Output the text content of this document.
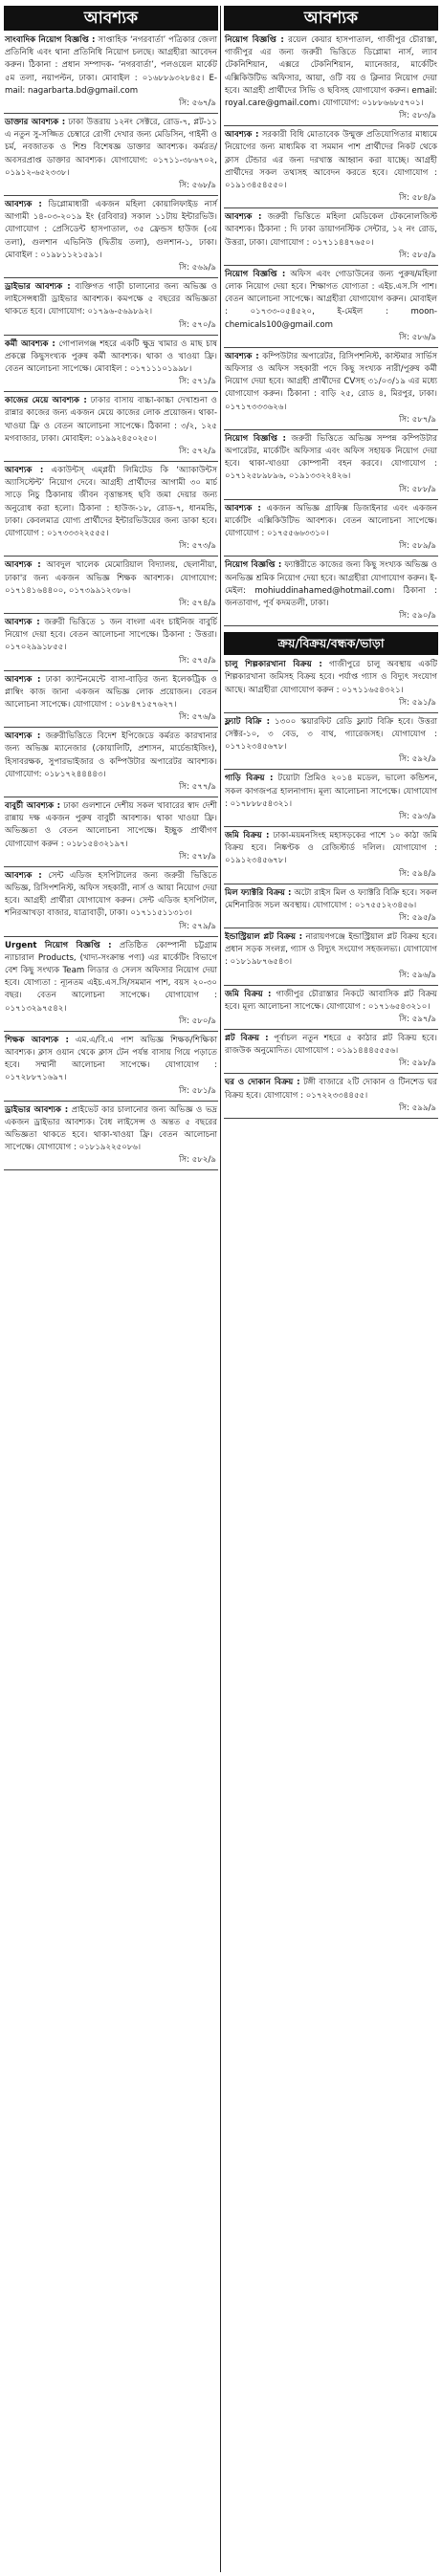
আবশ্যক

সাংবাদিক নিয়োগ বিজ্ঞপ্তি : সাপ্তাহিক ‘নগরবার্তা’ পত্রিকার জেলা প্রতিনিধি এবং থানা প্রতিনিধি নিয়োগ চলছে। আগ্রহীরা আবেদন করুন। ঠিকানা : প্রধান সম্পাদক- ‘নগরবার্তা’, পলওয়েল মার্কেট ৫ম তলা, নয়াপল্টন, ঢাকা। মোবাইল : ০১৬৮৮৯৩২৮৪৫। E-mail: nagarbarta.bd@gmail.com

সি: ৫৬৭/৯

ডাক্তার আবশ্যক : ঢাকা উত্তরায় ১২নং সেক্টরে, রোড-৭, প্লট-১১ এ নতুন সু-সজ্জিত চেম্বারে রোগী দেখার জন্য মেডিসিন, গাইনী ও চর্ম, নবজাতক ও শিশু বিশেষজ্ঞ ডাক্তার আবশ্যক। কর্মরত/অবসরপ্রাপ্ত ডাক্তার আবশ্যক। যোগাযোগ: ০১৭১১-৩৮৬৭০২, ০১৯১২-৬৫২৩৩৮।

সি: ৫৬৮/৯

আবশ্যক : ডিপ্লোমাধারী একজন মহিলা কোয়ালিফাইড নার্স আগামী ১৪-০৩-২০১৯ ইং (রবিবার) সকাল ১১টায় ইন্টারভিউ। যোগাযোগ : প্রেসিডেন্ট হাসপাতাল, ৩৫ ফ্রেন্ডস হাউজ (৩য় তলা), গুলশান এভিনিউ (দ্বিতীয় তলা), গুলশান-১, ঢাকা। মোবাইল : ০১৯৮১১২১৫৯১।

সি: ৫৬৯/৯

ড্রাইভার আবশ্যক : ব্যক্তিগত গাড়ী চালানোর জন্য অভিজ্ঞ ও লাইসেন্সধারী ড্রাইভার আবশ্যক। কমপক্ষে ৫ বছরের অভিজ্ঞতা থাকতে হবে। যোগাযোগ: ০১৭৯৬-৫৬৯৮৯২।

সি: ৫৭০/৯

কর্মী আবশ্যক : গোপালগঞ্জ শহরে একটি ক্ষুদ্র খামার ও মাছ চাষ প্রকল্পে কিছুসংখ্যক পুরুষ কর্মী আবশ্যক। থাকা ও খাওয়া ফ্রি। বেতন আলোচনা সাপেক্ষে। মোবাইল : ০১৭১১১০১৯৯৮।

সি: ৫৭১/৯

কাজের মেয়ে আবশ্যক : ঢাকার বাসায় বাচ্চা-কাচ্চা দেখাশুনা ও রান্নার কাজের জন্য একজন মেয়ে কাজের লোক প্রয়োজন। থাকা-খাওয়া ফ্রি ও বেতন আলোচনা সাপেক্ষে। ঠিকানা : ৩/২, ১২৫ মগবাজার, ঢাকা। মোবাইল: ০১৯৯২৪৫০২৫০।

সি: ৫৭২/৯

আবশ্যক : একাউন্টস্ এম্প্লয়ী লিমিটেড কি ‘অ্যাকাউন্টস অ্যাসিস্টেন্ট’ নিয়োগ দেবে। আগ্রহী প্রার্থীদের আগামী ৩০ মার্চ সাড়ে নিচু ঠিকানায় জীবন বৃত্তান্তসহ ছবি জমা দেয়ার জন্য অনুরোধ করা হলো। ঠিকানা : হাউজ-১৮, রোড-৭, ধানমন্ডি, ঢাকা। কেবলমাত্র যোগ্য প্রার্থীদের ইন্টারভিউয়ের জন্য ডাকা হবে। যোগাযোগ : ০১৭৩৩৩২২৫৫৫।

সি: ৫৭৩/৯

আবশ্যক : আবদুল খালেক মেমোরিয়াল বিদ্যালয়, ছেলানীয়া, ঢাকা'র জন্য একজন অভিজ্ঞ শিক্ষক আবশ্যক। যোগাযোগ: ০১৭১৪১৬৪৪০০, ০১৭৩৯৯১২৩৮৬।

সি: ৫৭৪/৯

আবশ্যক : জরুরী ভিত্তিতে ১ জন বাংলা এবং চাইনিজ বাবুর্চি নিয়োগ দেয়া হবে। বেতন আলোচনা সাপেক্ষে। ঠিকানা : উত্তরা। ০১৭০২৯৯১৮৫৫।

সি: ৫৭৫/৯

আবশ্যক : ঢাকা ক্যান্টনমেন্টে বাসা-বাড়ির জন্য ইলেকট্রিক ও প্লাম্বিং কাজ জানা একজন অভিজ্ঞ লোক প্রয়োজন। বেতন আলোচনা সাপেক্ষে। যোগাযোগ : ০১৮৪৭১৫৭৬২৭।

সি: ৫৭৬/৯

আবশ্যক : জরুরীভিত্তিতে বিদেশ ইপিজেডে কর্মরত কারখানার জন্য অভিজ্ঞ ম্যানেজার (কোয়ালিটি, প্রশাসন, মার্চেন্ডাইজিং), হিসাবরক্ষক, সুপারভাইজার ও কম্পিউটার অপারেটর আবশ্যক। যোগাযোগ: ০১৮১৭২৪৪৪৪৩।

সি: ৫৭৭/৯

বাবুর্চী আবশ্যক : ঢাকা গুলশানে দেশীয় সকল খাবারের স্বাদ দেশী রান্নায় দক্ষ একজন পুরুষ বাবুর্চী আবশ্যক। থাকা খাওয়া ফ্রি। অভিজ্ঞতা ও বেতন আলোচনা সাপেক্ষে। ইচ্ছুক প্রার্থীগণ যোগাযোগ করুন : ০১৮১৫৪৩২১৯৭।

সি: ৫৭৮/৯

আবশ্যক : সেন্ট এডিজ হসপিটালের জন্য জরুরী ভিত্তিতে অভিজ্ঞ, রিসিপশনিস্ট, অফিস সহকারী, নার্স ও আয়া নিয়োগ দেয়া হবে। আগ্রহী প্রার্থীরা যোগাযোগ করুন। সেন্ট এডিজ হসপিটাল, শনিরআখড়া বাজার, যাত্রাবাড়ী, ঢাকা। ০১৭১১৫১১৩১৩।

সি: ৫৭৯/৯

Urgent নিয়োগ বিজ্ঞপ্তি : প্রতিষ্ঠিত কোম্পানী চট্টগ্রাম ন্যাচারাল Products, (খাদ্য-সংক্রান্ত পণ্য) এর মার্কেটিং বিভাগে বেশ কিছু সংখ্যক Team লিডার ও সেলস অফিসার নিয়োগ দেয়া হবে। যোগ্যতা : ন্যূনতম এইচ.এস.সি/সমমান পাশ, বয়স ২০-৩০ বছর। বেতন আলোচনা সাপেক্ষে। যোগাযোগ : ০১৭১৩২৯৭৫৪২।

সি: ৫৮০/৯

শিক্ষক আবশ্যক : এম.এ/বি.এ পাশ অভিজ্ঞ শিক্ষক/শিক্ষিকা আবশ্যক। ক্লাস ওয়ান থেকে ক্লাস টেন পর্যন্ত বাসায় গিয়ে পড়াতে হবে। সম্মানী আলোচনা সাপেক্ষে। যোগাযোগ : ০১৭২৮৮৭১৬৯৭।

সি: ৫৮১/৯

ড্রাইভার আবশ্যক : প্রাইভেট কার চালানোর জন্য অভিজ্ঞ ও ভদ্র একজন ড্রাইভার আবশ্যক। বৈধ লাইসেন্স ও অন্তত ৫ বছরের অভিজ্ঞতা থাকতে হবে। থাকা-খাওয়া ফ্রি। বেতন আলোচনা সাপেক্ষে। যোগাযোগ : ০১৮১৯২২৫০৮৬।

সি: ৫৮২/৯
আবশ্যক

নিয়োগ বিজ্ঞপ্তি : রয়েল কেয়ার হাসপাতাল, গাজীপুর চৌরাস্তা, গাজীপুর এর জন্য জরুরী ভিত্তিতে ডিপ্লোমা নার্স, ল্যাব টেকনিশিয়ান, এক্সরে টেকনিশিয়ান, ম্যানেজার, মার্কেটিং এক্সিকিউটিভ অফিসার, আয়া, ওটি বয় ও ক্লিনার নিয়োগ দেয়া হবে। আগ্রহী প্রার্থীদের সিভি ও ছবিসহ যোগাযোগ করুন। email: royal.care@gmail.com। যোগাযোগ: ০১৮৮৬৬৮৫৭০১।

সি: ৫৮৩/৯

আবশ্যক : সরকারী বিধি মোতাবেক উন্মুক্ত প্রতিযোগিতার মাধ্যমে নিয়োগের জন্য মাধ্যমিক বা সমমান পাশ প্রার্থীদের নিকট থেকে ক্লাস টেন্ডার এর জন্য দরখাস্ত আহ্বান করা যাচ্ছে। আগ্রহী প্রার্থীদের সকল তথ্যসহ আবেদন করতে হবে। যোগাযোগ : ০১৯১৩৪৫৪৫৫০।

সি: ৫৮৪/৯

আবশ্যক : জরুরী ভিত্তিতে মহিলা মেডিকেল টেকনোলজিস্ট আবশ্যক। ঠিকানা : দি ঢাকা ডায়াগনস্টিক সেন্টার, ১২ নং রোড, উত্তরা, ঢাকা। যোগাযোগ : ০১৭১১৪৪৭৬৫০।

সি: ৫৮৫/৯

নিয়োগ বিজ্ঞপ্তি : অফিস এবং গোডাউনের জন্য পুরুষ/মহিলা লোক নিয়োগ দেয়া হবে। শিক্ষাগত যোগ্যতা : এইচ.এস.সি পাশ। বেতন আলোচনা সাপেক্ষে। আগ্রহীরা যোগাযোগ করুন। মোবাইল : ০১৭৩৩-০৫৪৫২০, ই-মেইল : moon-chemicals100@gmail.com

সি: ৫৮৬/৯

আবশ্যক : কম্পিউটার অপারেটর, রিসিপশনিস্ট, কাস্টমার সার্ভিস অফিসার ও অফিস সহকারী পদে কিছু সংখ্যক নারী/পুরুষ কর্মী নিয়োগ দেয়া হবে। আগ্রহী প্রার্থীদের CVসহ ৩১/০৩/১৯ এর মধ্যে যোগাযোগ করুন। ঠিকানা : বাড়ি ২৫, রোড ৪, মিরপুর, ঢাকা। ০১৭১৭৩৩৩৬২৬।

সি: ৫৮৭/৯

নিয়োগ বিজ্ঞপ্তি : জরুরী ভিত্তিতে অভিজ্ঞ সম্পন্ন কম্পিউটার অপারেটর, মার্কেটিং অফিসার এবং অফিস সহায়ক নিয়োগ দেয়া হবে। থাকা-খাওয়া কোম্পানী বহন করবে। যোগাযোগ : ০১৭১২৫৮৯৮৯৬, ০১৯১৩৩২২৪২৬।

সি: ৫৮৮/৯

আবশ্যক : একজন অভিজ্ঞ গ্রাফিক্স ডিজাইনার এবং একজন মার্কেটিং এক্সিকিউটিভ আবশ্যক। বেতন আলোচনা সাপেক্ষে। যোগাযোগ : ০১৭৫৫৬৬৩৩১০।

সি: ৫৮৯/৯

নিয়োগ বিজ্ঞপ্তি : ফ্যাক্টরীতে কাজের জন্য কিছু সংখ্যক অভিজ্ঞ ও অনভিজ্ঞ শ্রমিক নিয়োগ দেয়া হবে। আগ্রহীরা যোগাযোগ করুন। ই-মেইল: mohiuddinahamed@hotmail.com। ঠিকানা : জনতাবাগ, পূর্ব কদমতলী, ঢাকা।

সি: ৫৯০/৯
ক্রয়/বিক্রয়/বন্ধক/ভাড়া

চালু শিল্পকারখানা বিক্রয় : গাজীপুরে চালু অবস্থায় একটি শিল্পকারখানা জমিসহ বিক্রয় হবে। পর্যাপ্ত গ্যাস ও বিদ্যুৎ সংযোগ আছে। আগ্রহীরা যোগাযোগ করুন : ০১৭১১৬৫৪৩২১।

সি: ৫৯১/৯

ফ্ল্যাট বিক্রি : ১৩০০ স্কয়ারফিট রেডি ফ্ল্যাট বিক্রি হবে। উত্তরা সেক্টর-১০, ৩ বেড, ৩ বাথ, গ্যারেজসহ। যোগাযোগ : ০১৭১২৩৪৫৬৭৮।

সি: ৫৯২/৯

গাড়ি বিক্রয় : টয়োটা প্রিমিও ২০১৪ মডেল, ভালো কন্ডিশন, সকল কাগজপত্র হালনাগাদ। মূল্য আলোচনা সাপেক্ষে। যোগাযোগ : ০১৭৮৮৮৫৪৩২১।

সি: ৫৯৩/৯

জমি বিক্রয় : ঢাকা-ময়মনসিংহ মহাসড়কের পাশে ১০ কাঠা জমি বিক্রয় হবে। নিষ্কণ্টক ও রেজিস্টার্ড দলিল। যোগাযোগ : ০১৯১২৩৪৫৬৭৮।

সি: ৫৯৪/৯

মিল ফ্যাক্টরি বিক্রয় : অটো রাইস মিল ও ফ্যাক্টরি বিক্রি হবে। সকল মেশিনারিজ সচল অবস্থায়। যোগাযোগ : ০১৭৫৫১২৩৪৫৬।

সি: ৫৯৫/৯

ইন্ডাস্ট্রিয়াল প্লট বিক্রয় : নারায়ণগঞ্জে ইন্ডাস্ট্রিয়াল প্লট বিক্রয় হবে। প্রধান সড়ক সংলগ্ন, গ্যাস ও বিদ্যুৎ সংযোগ সহজলভ্য। যোগাযোগ : ০১৮১৯৮৭৬৫৪৩।

সি: ৫৯৬/৯

জমি বিক্রয় : গাজীপুর চৌরাস্তার নিকটে আবাসিক প্লট বিক্রয় হবে। মূল্য আলোচনা সাপেক্ষে। যোগাযোগ : ০১৭১৬৫৪৩২১০।

সি: ৫৯৭/৯

প্লট বিক্রয় : পূর্বাচল নতুন শহরে ৫ কাঠার প্লট বিক্রয় হবে। রাজউক অনুমোদিত। যোগাযোগ : ০১৯১৪৪৪৫৫৫৬।

সি: ৫৯৮/৯

ঘর ও দোকান বিক্রয় : টঙ্গী বাজারে ২টি দোকান ও টিনশেড ঘর বিক্রয় হবে। যোগাযোগ : ০১৭২২৩৩৪৪৫৫।

সি: ৫৯৯/৯
